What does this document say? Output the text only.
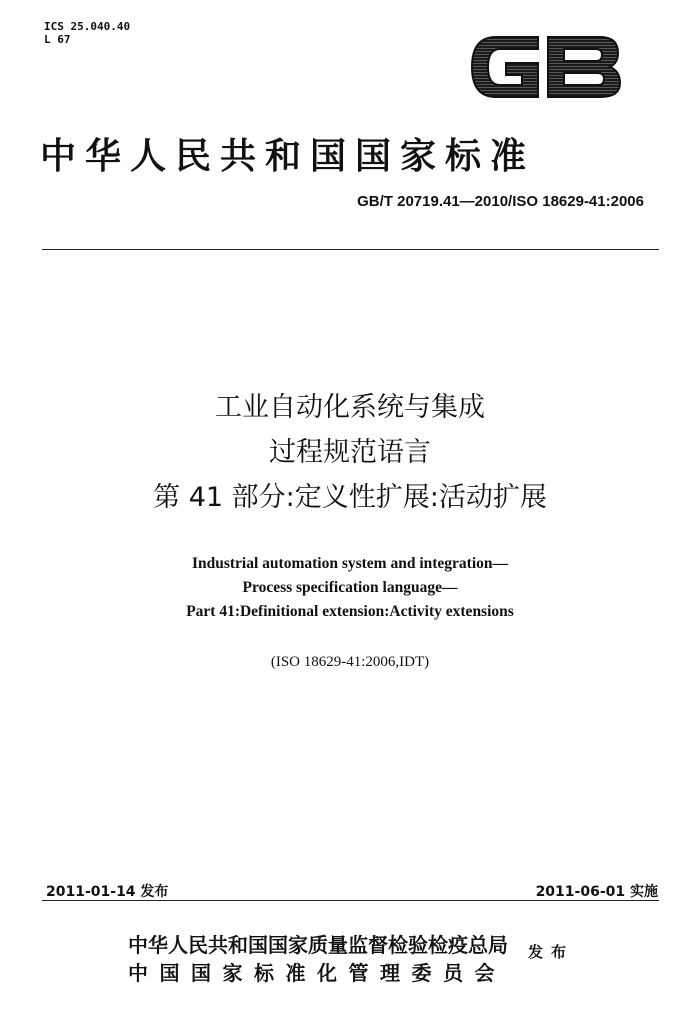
ICS 25.040.40
L 67
中华人民共和国国家标准
GB/T 20719.41—2010/ISO 18629-41:2006
工业自动化系统与集成
过程规范语言
第 41 部分:定义性扩展:活动扩展
Industrial automation system and integration—
Process specification language—
Part 41:Definitional extension:Activity extensions
(ISO 18629-41:2006,IDT)
2011-01-14 发布	2011-06-01 实施
中华人民共和国国家质量监督检验检疫总局
中国国家标准化管理委员会
发布
